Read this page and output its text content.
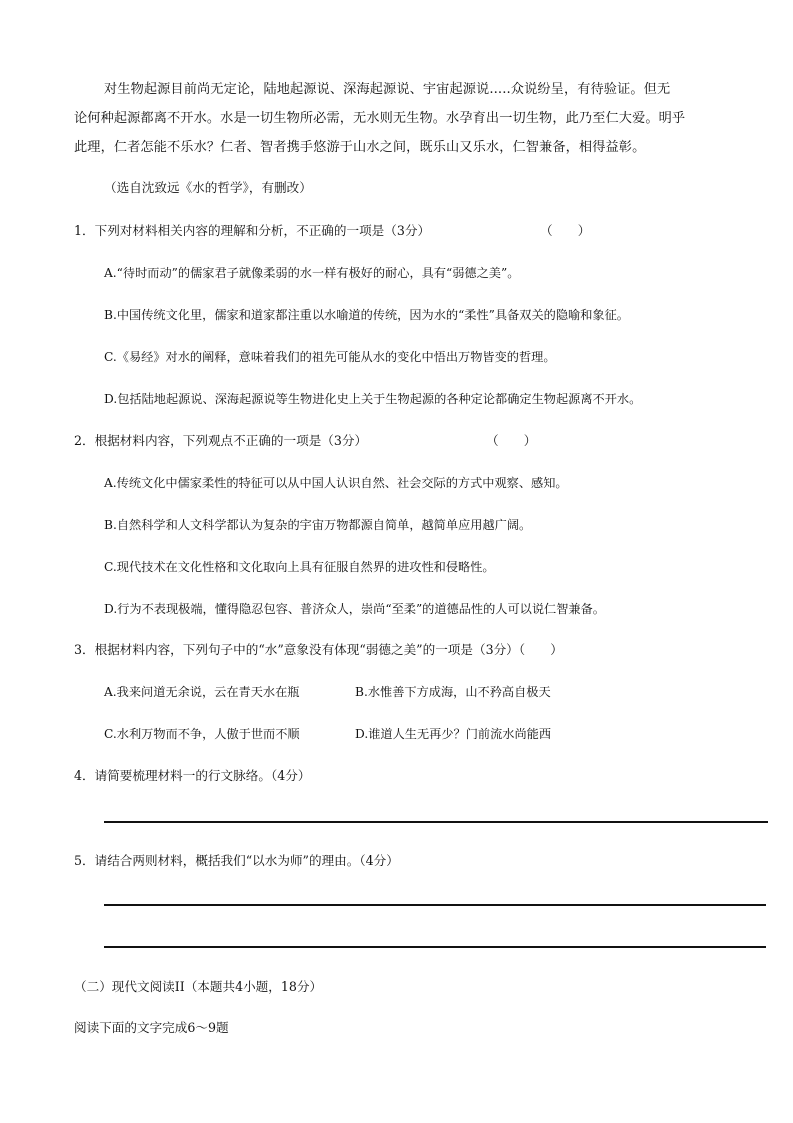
对生物起源目前尚无定论，陆地起源说、深海起源说、宇宙起源说.....众说纷呈，有待验证。但无
论何种起源都离不开水。水是一切生物所必需，无水则无生物。水孕育出一切生物，此乃至仁大爱。明乎
此理，仁者怎能不乐水？仁者、智者携手悠游于山水之间，既乐山又乐水，仁智兼备，相得益彰。
（选自沈致远《水的哲学》，有删改）
1．下列对材料相关内容的理解和分析，不正确的一项是（3分）	（　　）
A.“待时而动”的儒家君子就像柔弱的水一样有极好的耐心，具有“弱德之美”。
B.中国传统文化里，儒家和道家都注重以水喻道的传统，因为水的“柔性”具备双关的隐喻和象征。
C.《易经》对水的阐释，意味着我们的祖先可能从水的变化中悟出万物皆变的哲理。
D.包括陆地起源说、深海起源说等生物进化史上关于生物起源的各种定论都确定生物起源离不开水。
2．根据材料内容，下列观点不正确的一项是（3分）	（　　）
A.传统文化中儒家柔性的特征可以从中国人认识自然、社会交际的方式中观察、感知。
B.自然科学和人文科学都认为复杂的宇宙万物都源自简单，越简单应用越广阔。
C.现代技术在文化性格和文化取向上具有征服自然界的进攻性和侵略性。
D.行为不表现极端，懂得隐忍包容、普济众人，崇尚“至柔”的道德品性的人可以说仁智兼备。
3．根据材料内容，下列句子中的“水”意象没有体现“弱德之美”的一项是（3分）（　　）
A.我来问道无余说，云在青天水在瓶	B.水惟善下方成海，山不矜高自极天
C.水利万物而不争，人傲于世而不顺	D.谁道人生无再少？门前流水尚能西
4．请简要梳理材料一的行文脉络。（4分）
5．请结合两则材料，概括我们“以水为师”的理由。（4分）
（二）现代文阅读II（本题共4小题，18分）
阅读下面的文字完成6～9题
